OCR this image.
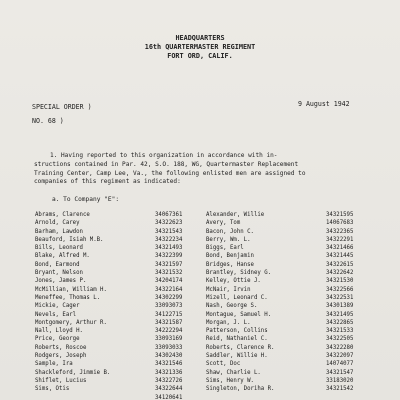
HEADQUARTERS
16th QUARTERMASTER REGIMENT
FORT ORD, CALIF.
SPECIAL ORDER )
NO. 68 )
9 August 1942
1. Having reported to this organization in accordance with in-
structions contained in Par. 42, S.O. 188, WG, Quartermaster Replacement
Training Center, Camp Lee, Va., the following enlisted men are assigned to
companies of this regiment as indicated:
a. To Company "E":
Abrams, Clarence	34067361
Arnold, Carey	34322623
Barham, Lawdon	34321543
Beauford, Isiah M.B.	34322234
Bills, Leonard	34321493
Blake, Alfred M.	34322399
Bond, Earmond	34321597
Bryant, Nelson	34321532
Jones, James P.	34204174
McMillian, William H.	34322164
Meneffee, Thomas L.	34302299
Mickie, Cager	33093073
Nevels, Earl	34122715
Montgomery, Arthur R.	34321587
Nall, Lloyd H.	34222294
Price, George	33093169
Roberts, Roscoe	33093033
Rodgers, Joseph	34302430
Sample, Ira	34321546
Shackleford, Jimmie B.	34321336
Shiflet, Lucius	34322726
Sims, Otis	34322644
34120641
Alexander, Willie	34321595
Avery, Tom	14067683
Bacon, John C.	34322365
Berry, Wm. L.	34322291
Biggs, Earl	34321466
Bond, Benjamin	34321445
Bridges, Hanse	34322615
Brantley, Sidney G.	34322642
Kelley, Ottie J.	34321530
McNair, Irvin	34322566
Mizell, Leonard C.	34322531
Nash, George S.	34301389
Montague, Samuel H.	34321495
Morgan, J. L.	34322865
Patterson, Collins	34321533
Reid, Nathaniel C.	34322505
Roberts, Clarence R.	34322280
Saddler, Willie H.	34322097
Scott, Doc	14074077
Shaw, Charlie L.	34321547
Sims, Henry W.	33183020
Singleton, Doriha R.	34321542
